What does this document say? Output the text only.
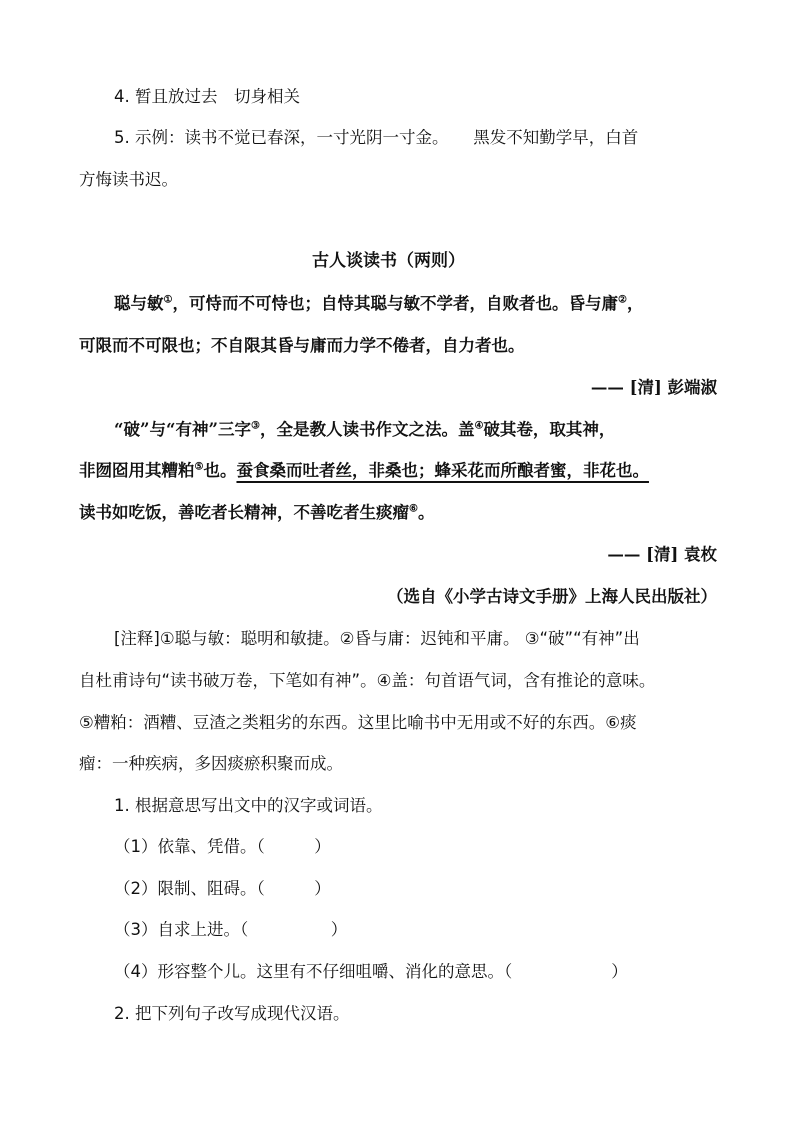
4. 暂且放过去　切身相关
5. 示例：读书不觉已春深，一寸光阴一寸金。　　黑发不知勤学早，白首
方悔读书迟。
古人谈读书（两则）
聪与敏①，可恃而不可恃也；自恃其聪与敏不学者，自败者也。昏与庸②，
可限而不可限也；不自限其昏与庸而力学不倦者，自力者也。
—— [清] 彭端淑
“破”与“有神”三字③，全是教人读书作文之法。盖④破其卷，取其神，
非囫囵用其糟粕⑤也。蚕食桑而吐者丝，非桑也；蜂采花而所酿者蜜，非花也。
读书如吃饭，善吃者长精神，不善吃者生痰瘤⑥。
—— [清] 袁枚
（选自《小学古诗文手册》上海人民出版社）
[注释]①聪与敏：聪明和敏捷。②昏与庸：迟钝和平庸。 ③“破”“有神”出
自杜甫诗句“读书破万卷，下笔如有神”。④盖：句首语气词，含有推论的意味。
⑤糟粕：酒糟、豆渣之类粗劣的东西。这里比喻书中无用或不好的东西。⑥痰
瘤：一种疾病，多因痰瘀积聚而成。
1. 根据意思写出文中的汉字或词语。
（1）依靠、凭借。（　　　）
（2）限制、阻碍。（　　　）
（3）自求上进。（　　　　　）
（4）形容整个儿。这里有不仔细咀嚼、消化的意思。（　　　　　　）
2. 把下列句子改写成现代汉语。
